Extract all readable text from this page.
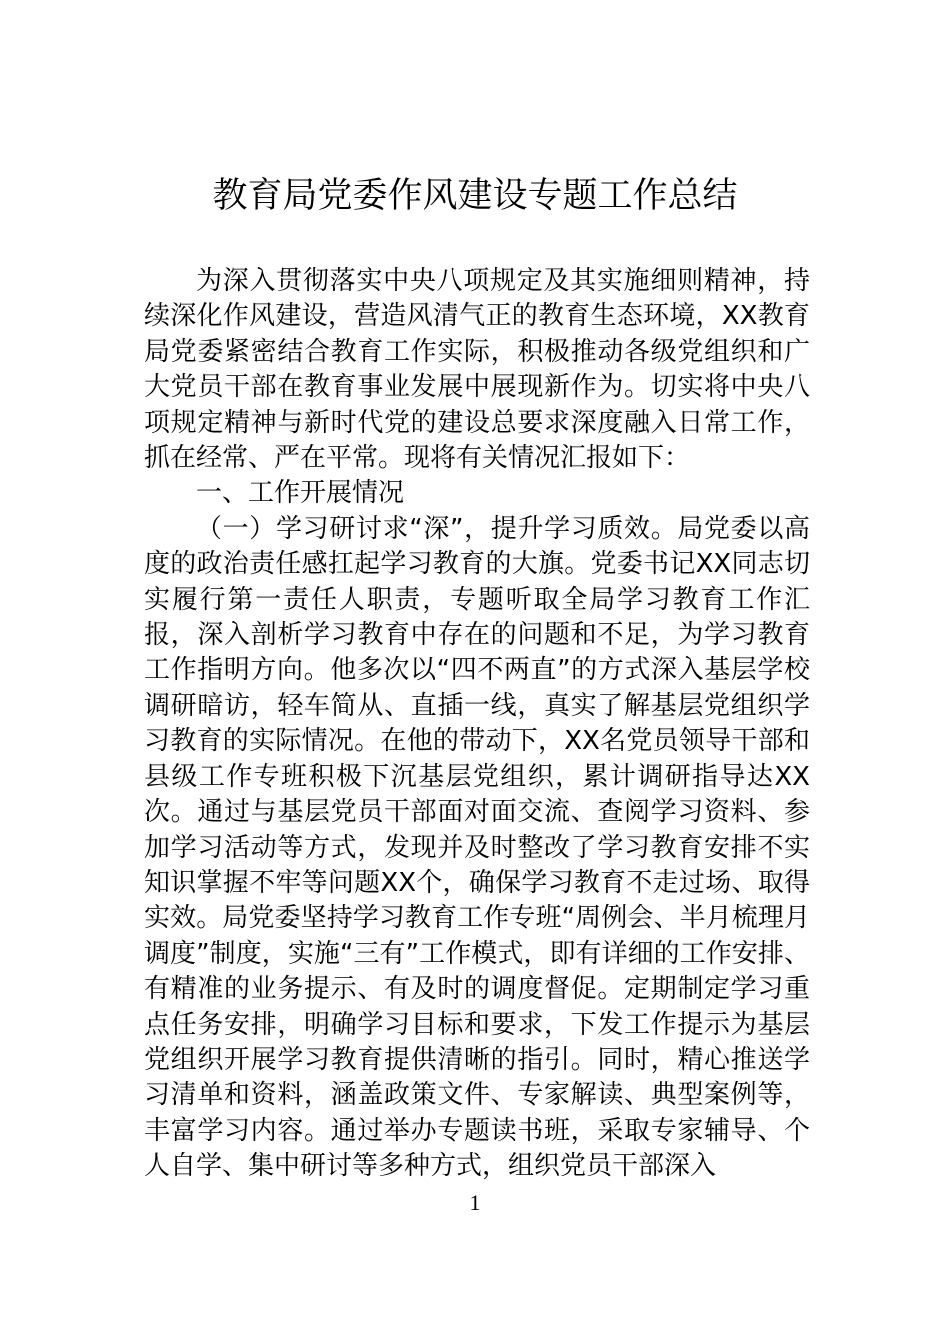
教育局党委作风建设专题工作总结

为深入贯彻落实中央八项规定及其实施细则精神，持续深化作风建设，营造风清气正的教育生态环境，XX教育局党委紧密结合教育工作实际，积极推动各级党组织和广大党员干部在教育事业发展中展现新作为。切实将中央八项规定精神与新时代党的建设总要求深度融入日常工作，抓在经常、严在平常。现将有关情况汇报如下：

一、工作开展情况

（一）学习研讨求“深”，提升学习质效。局党委以高度的政治责任感扛起学习教育的大旗。党委书记XX同志切实履行第一责任人职责，专题听取全局学习教育工作汇报，深入剖析学习教育中存在的问题和不足，为学习教育工作指明方向。他多次以“四不两直”的方式深入基层学校调研暗访，轻车简从、直插一线，真实了解基层党组织学习教育的实际情况。在他的带动下，XX名党员领导干部和县级工作专班积极下沉基层党组织，累计调研指导达XX次。通过与基层党员干部面对面交流、查阅学习资料、参加学习活动等方式，发现并及时整改了学习教育安排不实知识掌握不牢等问题XX个，确保学习教育不走过场、取得实效。局党委坚持学习教育工作专班“周例会、半月梳理月调度”制度，实施“三有”工作模式，即有详细的工作安排、有精准的业务提示、有及时的调度督促。定期制定学习重点任务安排，明确学习目标和要求，下发工作提示为基层党组织开展学习教育提供清晰的指引。同时，精心推送学习清单和资料，涵盖政策文件、专家解读、典型案例等，丰富学习内容。通过举办专题读书班，采取专家辅导、个人自学、集中研讨等多种方式，组织党员干部深入

1
